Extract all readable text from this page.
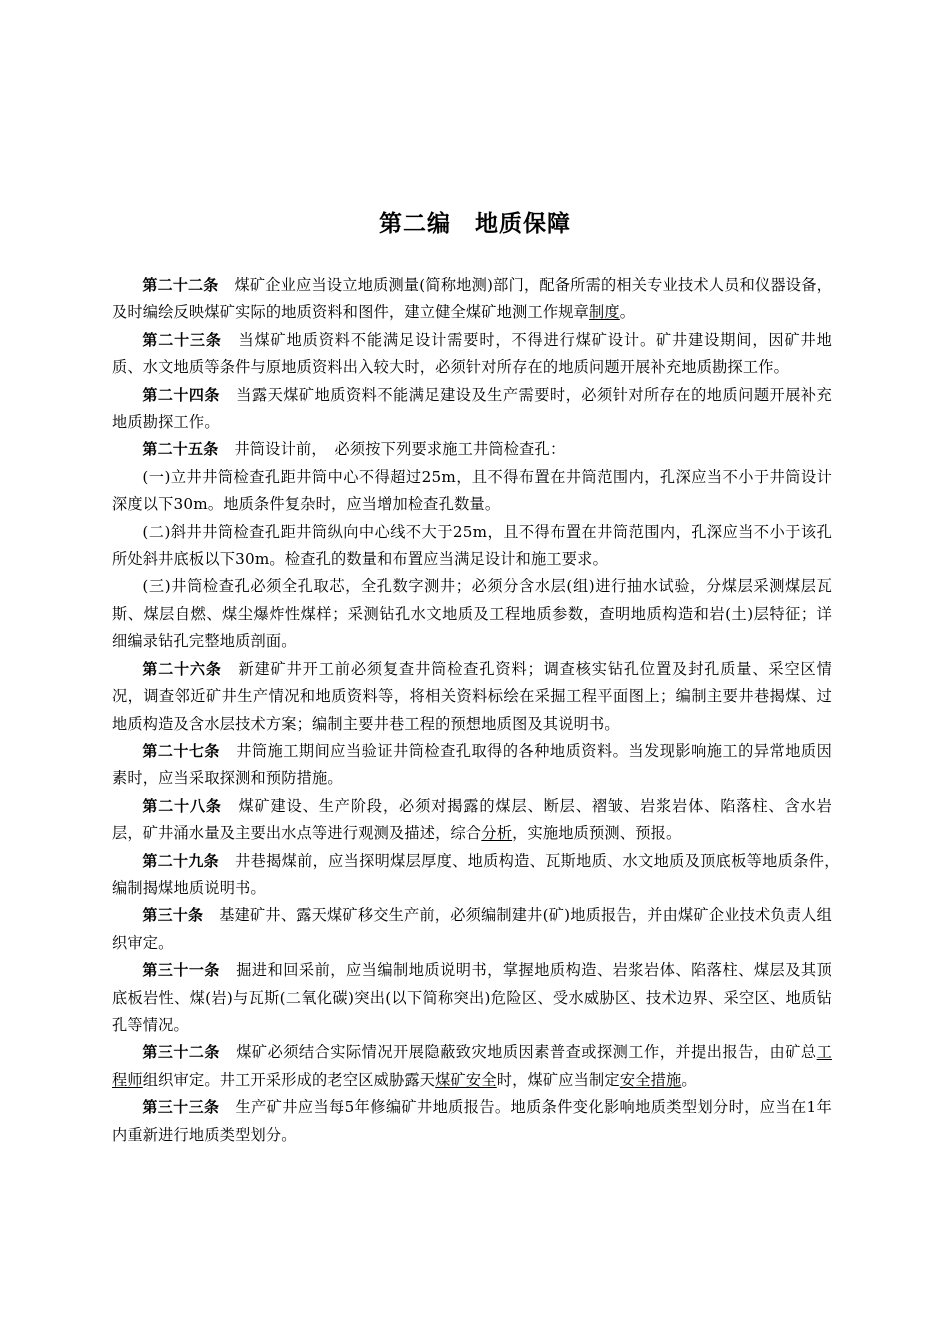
第二编　地质保障

第二十二条 煤矿企业应当设立地质测量(简称地测)部门，配备所需的相关专业技术人员和仪器设备，及时编绘反映煤矿实际的地质资料和图件，建立健全煤矿地测工作规章制度。

第二十三条 当煤矿地质资料不能满足设计需要时，不得进行煤矿设计。矿井建设期间，因矿井地质、水文地质等条件与原地质资料出入较大时，必须针对所存在的地质问题开展补充地质勘探工作。

第二十四条 当露天煤矿地质资料不能满足建设及生产需要时，必须针对所存在的地质问题开展补充地质勘探工作。

第二十五条 井筒设计前，　必须按下列要求施工井筒检查孔：

(一)立井井筒检查孔距井筒中心不得超过25m，且不得布置在井筒范围内，孔深应当不小于井筒设计深度以下30m。地质条件复杂时，应当增加检查孔数量。

(二)斜井井筒检查孔距井筒纵向中心线不大于25m，且不得布置在井筒范围内，孔深应当不小于该孔所处斜井底板以下30m。检查孔的数量和布置应当满足设计和施工要求。

(三)井筒检查孔必须全孔取芯，全孔数字测井；必须分含水层(组)进行抽水试验，分煤层采测煤层瓦斯、煤层自燃、煤尘爆炸性煤样；采测钻孔水文地质及工程地质参数，查明地质构造和岩(土)层特征；详细编录钻孔完整地质剖面。

第二十六条 新建矿井开工前必须复查井筒检查孔资料；调查核实钻孔位置及封孔质量、采空区情况，调查邻近矿井生产情况和地质资料等，将相关资料标绘在采掘工程平面图上；编制主要井巷揭煤、过地质构造及含水层技术方案；编制主要井巷工程的预想地质图及其说明书。

第二十七条 井筒施工期间应当验证井筒检查孔取得的各种地质资料。当发现影响施工的异常地质因素时，应当采取探测和预防措施。

第二十八条 煤矿建设、生产阶段，必须对揭露的煤层、断层、褶皱、岩浆岩体、陷落柱、含水岩层，矿井涌水量及主要出水点等进行观测及描述，综合分析，实施地质预测、预报。

第二十九条 井巷揭煤前，应当探明煤层厚度、地质构造、瓦斯地质、水文地质及顶底板等地质条件，　编制揭煤地质说明书。

第三十条 基建矿井、露天煤矿移交生产前，必须编制建井(矿)地质报告，并由煤矿企业技术负责人组织审定。

第三十一条 掘进和回采前，应当编制地质说明书，掌握地质构造、岩浆岩体、陷落柱、煤层及其顶底板岩性、煤(岩)与瓦斯(二氧化碳)突出(以下简称突出)危险区、受水威胁区、技术边界、采空区、地质钻孔等情况。

第三十二条 煤矿必须结合实际情况开展隐蔽致灾地质因素普查或探测工作，并提出报告，由矿总工程师组织审定。井工开采形成的老空区威胁露天煤矿安全时，煤矿应当制定安全措施。

第三十三条 生产矿井应当每5年修编矿井地质报告。地质条件变化影响地质类型划分时，应当在1年内重新进行地质类型划分。
